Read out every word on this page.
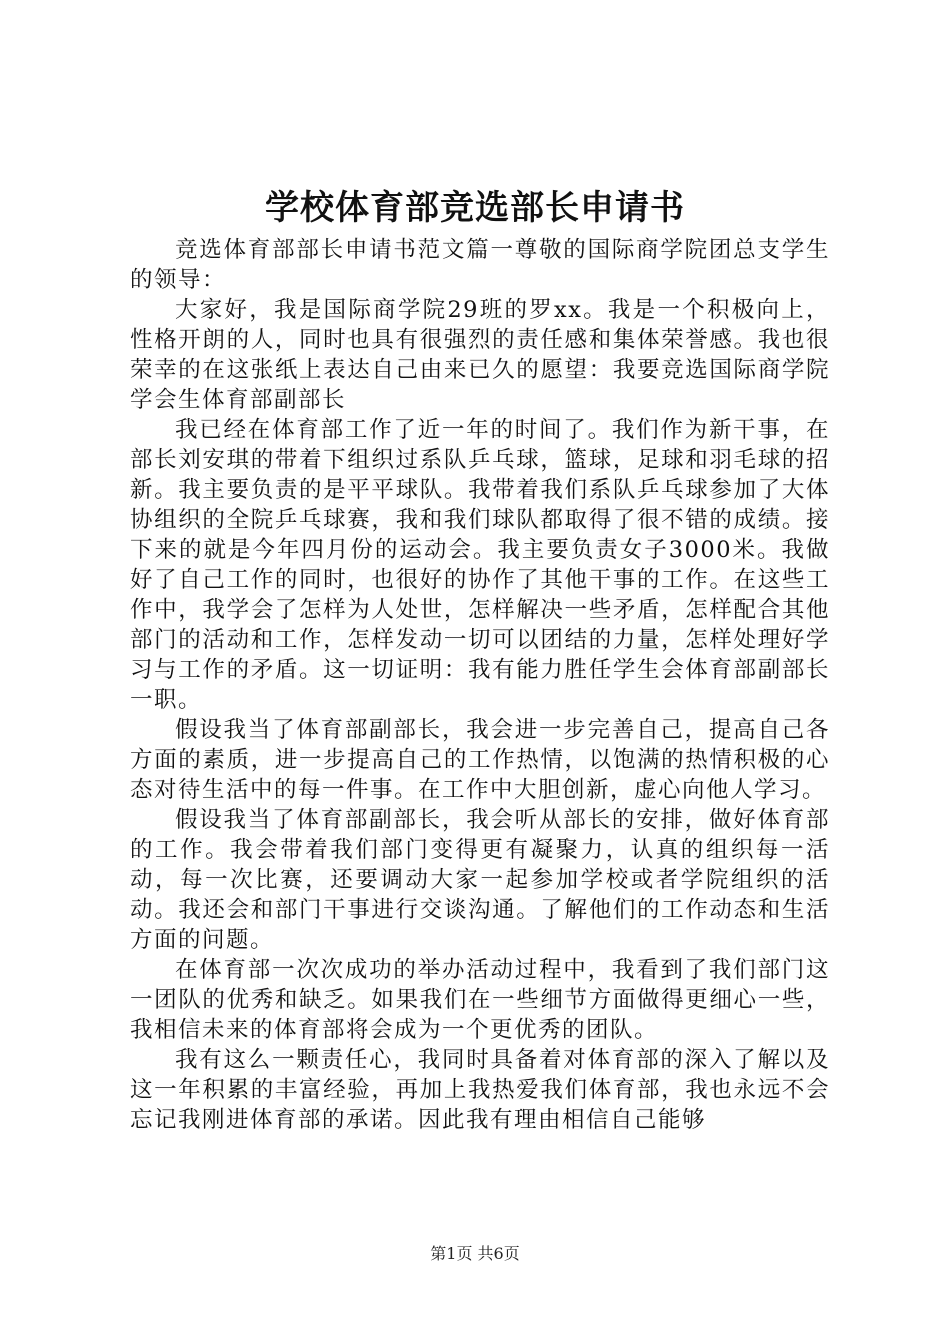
学校体育部竞选部长申请书

竞选体育部部长申请书范文篇一尊敬的国际商学院团总支学生的领导：

大家好，我是国际商学院29班的罗xx。我是一个积极向上，性格开朗的人，同时也具有很强烈的责任感和集体荣誉感。我也很荣幸的在这张纸上表达自己由来已久的愿望：我要竞选国际商学院学会生体育部副部长

我已经在体育部工作了近一年的时间了。我们作为新干事，在部长刘安琪的带着下组织过系队乒乓球，篮球，足球和羽毛球的招新。我主要负责的是平平球队。我带着我们系队乒乓球参加了大体协组织的全院乒乓球赛，我和我们球队都取得了很不错的成绩。接下来的就是今年四月份的运动会。我主要负责女子3000米。我做好了自己工作的同时，也很好的协作了其他干事的工作。在这些工作中，我学会了怎样为人处世，怎样解决一些矛盾，怎样配合其他部门的活动和工作，怎样发动一切可以团结的力量，怎样处理好学习与工作的矛盾。这一切证明：我有能力胜任学生会体育部副部长一职。

假设我当了体育部副部长，我会进一步完善自己，提高自己各方面的素质，进一步提高自己的工作热情，以饱满的热情积极的心态对待生活中的每一件事。在工作中大胆创新，虚心向他人学习。

假设我当了体育部副部长，我会听从部长的安排，做好体育部的工作。我会带着我们部门变得更有凝聚力，认真的组织每一活动，每一次比赛，还要调动大家一起参加学校或者学院组织的活动。我还会和部门干事进行交谈沟通。了解他们的工作动态和生活方面的问题。

在体育部一次次成功的举办活动过程中，我看到了我们部门这一团队的优秀和缺乏。如果我们在一些细节方面做得更细心一些，我相信未来的体育部将会成为一个更优秀的团队。

我有这么一颗责任心，我同时具备着对体育部的深入了解以及这一年积累的丰富经验，再加上我热爱我们体育部，我也永远不会忘记我刚进体育部的承诺。因此我有理由相信自己能够

第1页 共6页
